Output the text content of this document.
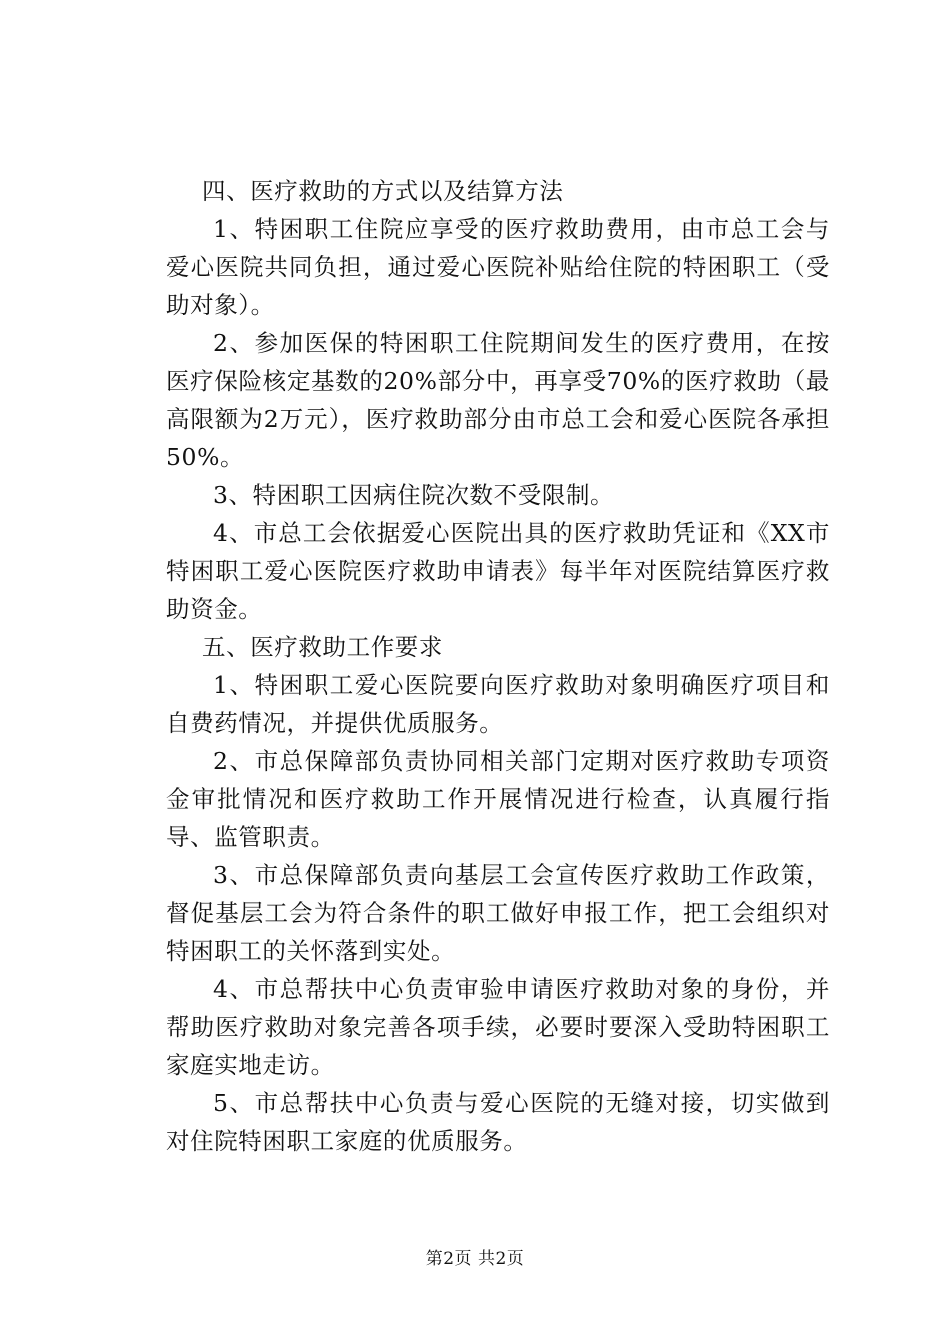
四、医疗救助的方式以及结算方法

1、特困职工住院应享受的医疗救助费用，由市总工会与爱心医院共同负担，通过爱心医院补贴给住院的特困职工（受助对象）。

2、参加医保的特困职工住院期间发生的医疗费用，在按医疗保险核定基数的20%部分中，再享受70%的医疗救助（最高限额为2万元），医疗救助部分由市总工会和爱心医院各承担50%。

3、特困职工因病住院次数不受限制。

4、市总工会依据爱心医院出具的医疗救助凭证和《XX市特困职工爱心医院医疗救助申请表》每半年对医院结算医疗救助资金。

五、医疗救助工作要求

1、特困职工爱心医院要向医疗救助对象明确医疗项目和自费药情况，并提供优质服务。

2、市总保障部负责协同相关部门定期对医疗救助专项资金审批情况和医疗救助工作开展情况进行检查，认真履行指导、监管职责。

3、市总保障部负责向基层工会宣传医疗救助工作政策，督促基层工会为符合条件的职工做好申报工作，把工会组织对特困职工的关怀落到实处。

4、市总帮扶中心负责审验申请医疗救助对象的身份，并帮助医疗救助对象完善各项手续，必要时要深入受助特困职工家庭实地走访。

5、市总帮扶中心负责与爱心医院的无缝对接，切实做到对住院特困职工家庭的优质服务。

第2页 共2页
